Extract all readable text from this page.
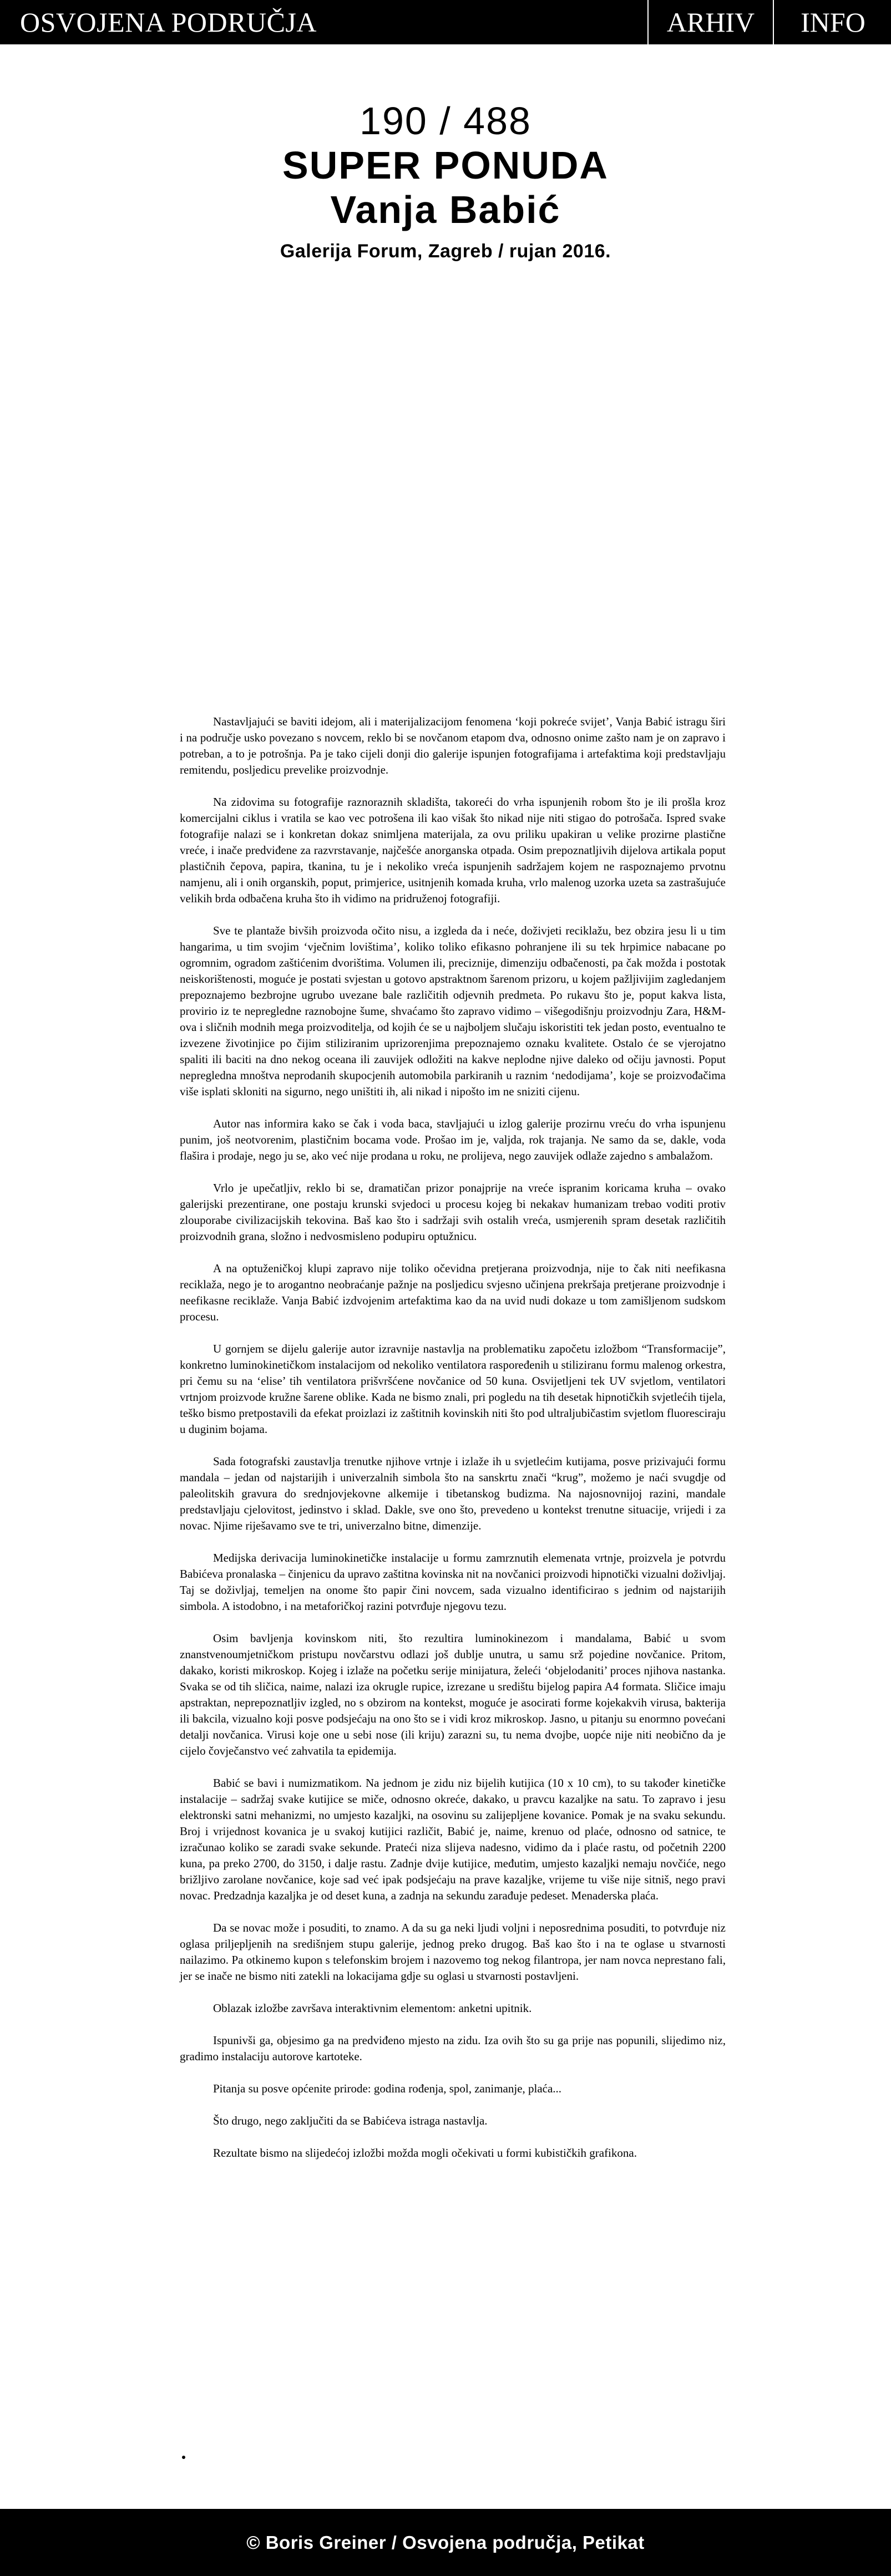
OSVOJENA PODRUČJA	ARHIV	INFO
190 / 488
SUPER PONUDA
Vanja Babić
Galerija Forum, Zagreb / rujan 2016.

Nastavljajući se baviti idejom, ali i materijalizacijom fenomena ‘koji pokreće svijet’, Vanja Babić istragu širi i na područje usko povezano s novcem, reklo bi se novčanom etapom dva, odnosno onime zašto nam je on zapravo i potreban, a to je potrošnja. Pa je tako cijeli donji dio galerije ispunjen fotografijama i artefaktima koji predstavljaju remitendu, posljedicu prevelike proizvodnje.

Na zidovima su fotografije raznoraznih skladišta, takoreći do vrha ispunjenih robom što je ili prošla kroz komercijalni ciklus i vratila se kao vec potrošena ili kao višak što nikad nije niti stigao do potrošača. Ispred svake fotografije nalazi se i konkretan dokaz snimljena materijala, za ovu priliku upakiran u velike prozirne plastične vreće, i inače predviđene za razvrstavanje, najčešće anorganska otpada. Osim prepoznatljivih dijelova artikala poput plastičnih čepova, papira, tkanina, tu je i nekoliko vreća ispunjenih sadržajem kojem ne raspoznajemo prvotnu namjenu, ali i onih organskih, poput, primjerice, usitnjenih komada kruha, vrlo malenog uzorka uzeta sa zastrašujuće velikih brda odbačena kruha što ih vidimo na pridruženoj fotografiji.

Sve te plantaže bivših proizvoda očito nisu, a izgleda da i neće, doživjeti reciklažu, bez obzira jesu li u tim hangarima, u tim svojim ‘vječnim lovištima’, koliko toliko efikasno pohranjene ili su tek hrpimice nabacane po ogromnim, ogradom zaštićenim dvorištima. Volumen ili, preciznije, dimenziju odbačenosti, pa čak možda i postotak neiskorištenosti, moguće je postati svjestan u gotovo apstraktnom šarenom prizoru, u kojem pažljivijim zagledanjem prepoznajemo bezbrojne ugrubo uvezane bale različitih odjevnih predmeta. Po rukavu što je, poput kakva lista, provirio iz te nepreglednе raznobojne šume, shvaćamo što zapravo vidimo – višegodišnju proizvodnju Zara, H&M-ova i sličnih modnih mega proizvoditelja, od kojih će se u najboljem slučaju iskoristiti tek jedan posto, eventualno te izvezene životinjice po čijim stiliziranim uprizorenjima prepoznajemo oznaku kvalitete. Ostalo će se vjerojatno spaliti ili baciti na dno nekog oceana ili zauvijek odložiti na kakve neplodne njive daleko od očiju javnosti. Poput nepregledna mnoštva neprodanih skupocjenih automobila parkiranih u raznim ‘nedodijama’, koje se proizvođačima više isplati skloniti na sigurno, nego uništiti ih, ali nikad i nipošto im ne sniziti cijenu.

Autor nas informira kako se čak i voda baca, stavljajući u izlog galerije prozirnu vreću do vrha ispunjenu punim, još neotvorenim, plastičnim bocama vode. Prošao im je, valjda, rok trajanja. Ne samo da se, dakle, voda flašira i prodaje, nego ju se, ako već nije prodana u roku, ne prolijeva, nego zauvijek odlaže zajedno s ambalažom.

Vrlo je upečatljiv, reklo bi se, dramatičan prizor ponajprije na vreće ispranim koricama kruha – ovako galerijski prezentirane, one postaju krunski svjedoci u procesu kojeg bi nekakav humanizam trebao voditi protiv zlouporabe civilizacijskih tekovina. Baš kao što i sadržaji svih ostalih vreća, usmjerenih spram desetak različitih proizvodnih grana, složno i nedvosmisleno podupiru optužnicu.

A na optuženičkoj klupi zapravo nije toliko očevidna pretjerana proizvodnja, nije to čak niti neefikasna reciklaža, nego je to arogantno neobraćanje pažnje na posljedicu svjesno učinjena prekršaja pretjerane proizvodnje i neefikasne reciklaže. Vanja Babić izdvojenim artefaktima kao da na uvid nudi dokaze u tom zamišljenom sudskom procesu.

U gornjem se dijelu galerije autor izravnije nastavlja na problematiku započetu izložbom “Transformacije”, konkretno luminokinetičkom instalacijom od nekoliko ventilatora raspoređenih u stiliziranu formu malenog orkestra, pri čemu su na ‘elise’ tih ventilatora prišvršćene novčanice od 50 kuna. Osvijetljeni tek UV svjetlom, ventilatori vrtnjom proizvode kružne šarene oblike. Kada ne bismo znali, pri pogledu na tih desetak hipnotičkih svjetlećih tijela, teško bismo pretpostavili da efekat proizlazi iz zaštitnih kovinskih niti što pod ultraljubičastim svjetlom fluoresciraju u duginim bojama.

Sada fotografski zaustavlja trenutke njihove vrtnje i izlaže ih u svjetlećim kutijama, posve prizivajući formu mandala – jedan od najstarijih i univerzalnih simbola što na sanskrtu znači “krug”, možemo je naći svugdje od paleolitskih gravura do srednjovjekovne alkemije i tibetanskog budizma. Na najosnovnijoj razini, mandale predstavljaju cjelovitost, jedinstvo i sklad. Dakle, sve ono što, prevedeno u kontekst trenutne situacije, vrijedi i za novac. Njime riješavamo sve te tri, univerzalno bitne, dimenzije.

Medijska derivacija luminokinetičke instalacije u formu zamrznutih elemenata vrtnje, proizvela je potvrdu Babićeva pronalaska – činjenicu da upravo zaštitna kovinska nit na novčanici proizvodi hipnotički vizualni doživljaj. Taj se doživljaj, temeljen na onome što papir čini novcem, sada vizualno identificirao s jednim od najstarijih simbola. A istodobno, i na metaforičkoj razini potvrđuje njegovu tezu.

Osim bavljenja kovinskom niti, što rezultira luminokinezom i mandalama, Babić u svom znanstvenoumjetničkom pristupu novčarstvu odlazi još dublje unutra, u samu srž pojedine novčanice. Pritom, dakako, koristi mikroskop. Kojeg i izlaže na početku serije minijatura, želeći ‘objelodaniti’ proces njihova nastanka. Svaka se od tih sličica, naime, nalazi iza okrugle rupice, izrezane u središtu bijelog papira A4 formata. Sličice imaju apstraktan, neprepoznatljiv izgled, no s obzirom na kontekst, moguće je asocirati forme kojekakvih virusa, bakterija ili bakcila, vizualno koji posve podsjećaju na ono što se i vidi kroz mikroskop. Jasno, u pitanju su enormno povećani detalji novčanica. Virusi koje one u sebi nose (ili kriju) zarazni su, tu nema dvojbe, uopće nije niti neobično da je cijelo čovječanstvo već zahvatila ta epidemija.

Babić se bavi i numizmatikom. Na jednom je zidu niz bijelih kutijica (10 x 10 cm), to su također kinetičke instalacije – sadržaj svake kutijice se miče, odnosno okreće, dakako, u pravcu kazaljke na satu. To zapravo i jesu elektronski satni mehanizmi, no umjesto kazaljki, na osovinu su zalijepljene kovanice. Pomak je na svaku sekundu. Broj i vrijednost kovanica je u svakoj kutijici različit, Babić je, naime, krenuo od plaće, odnosno od satnice, te izračunao koliko se zaradi svake sekunde. Prateći niza slijeva nadesno, vidimo da i plaće rastu, od početnih 2200 kuna, pa preko 2700, do 3150, i dalje rastu. Zadnje dvije kutijice, međutim, umjesto kazaljki nemaju novčiće, nego brižljivo zarolane novčanice, koje sad već ipak podsjećaju na prave kazaljke, vrijeme tu više nije sitniš, nego pravi novac. Predzadnja kazaljka je od deset kuna, a zadnja na sekundu zarađuje pedeset. Menaderska plaća.

Da se novac može i posuditi, to znamo. A da su ga neki ljudi voljni i neposrednima posuditi, to potvrđuje niz oglasa priljepljenih na središnjem stupu galerije, jednog preko drugog. Baš kao što i na te oglase u stvarnosti nailazimo. Pa otkinemo kupon s telefonskim brojem i nazovemo tog nekog filantropa, jer nam novca neprestano fali, jer se inače ne bismo niti zatekli na lokacijama gdje su oglasi u stvarnosti postavljeni.

Oblazak izložbe završava interaktivnim elementom: anketni upitnik.

Ispunivši ga, objesimo ga na predviđeno mjesto na zidu. Iza ovih što su ga prije nas popunili, slijedimo niz, gradimo instalaciju autorove kartoteke.

Pitanja su posve općenite prirode: godina rođenja, spol, zanimanje, plaća...

Što drugo, nego zaključiti da se Babićeva istraga nastavlja.

Rezultate bismo na slijedećoj izložbi možda mogli očekivati u formi kubističkih grafikona.

© Boris Greiner / Osvojena područja, Petikat
